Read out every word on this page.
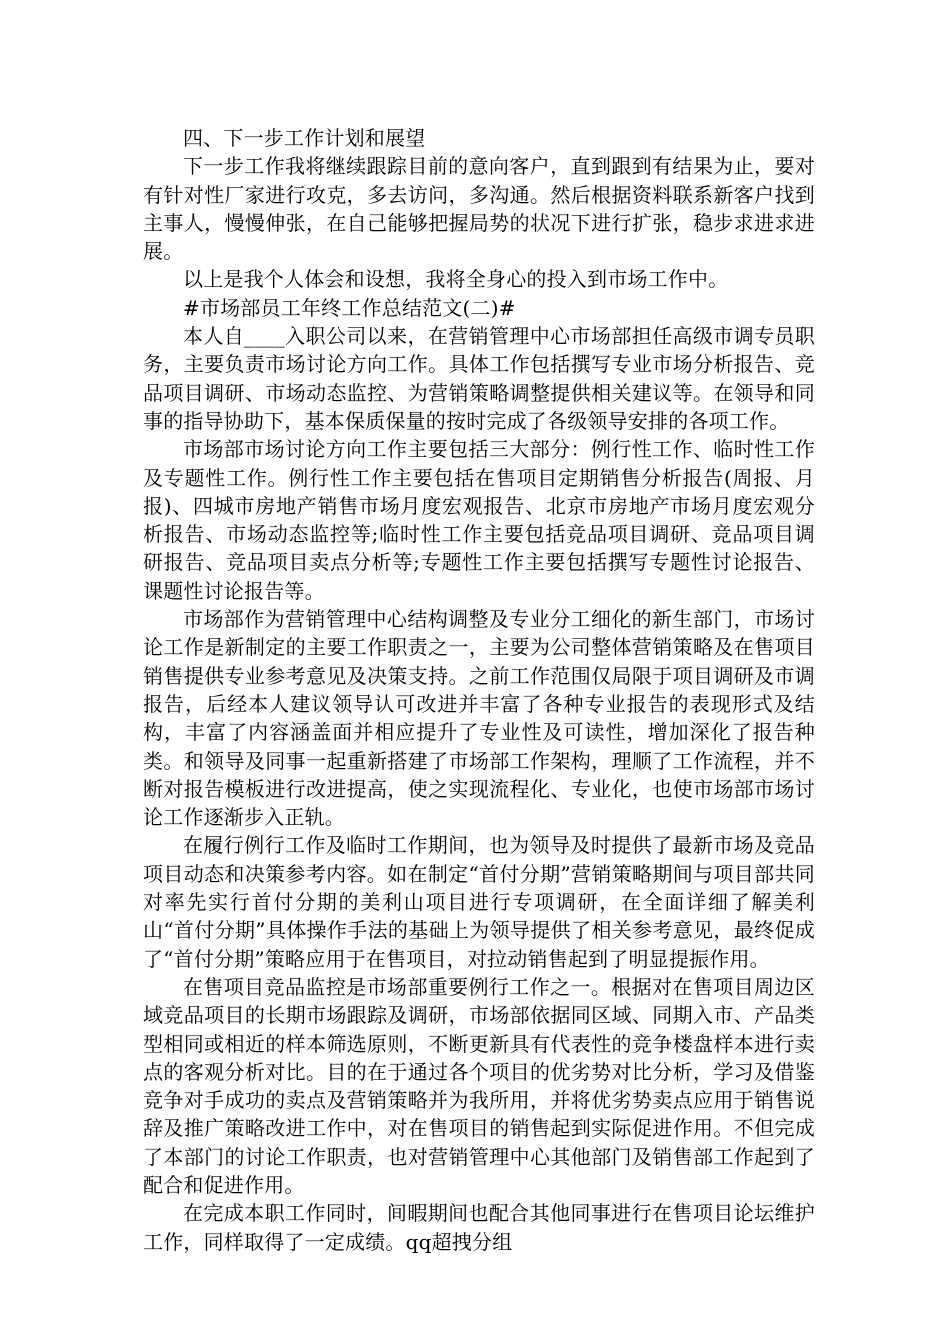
四、下一步工作计划和展望

下一步工作我将继续跟踪目前的意向客户，直到跟到有结果为止，要对有针对性厂家进行攻克，多去访问，多沟通。然后根据资料联系新客户找到主事人，慢慢伸张，在自己能够把握局势的状况下进行扩张，稳步求进求进展。

以上是我个人体会和设想，我将全身心的投入到市场工作中。

#市场部员工年终工作总结范文(二)#

本人自____入职公司以来，在营销管理中心市场部担任高级市调专员职务，主要负责市场讨论方向工作。具体工作包括撰写专业市场分析报告、竞品项目调研、市场动态监控、为营销策略调整提供相关建议等。在领导和同事的指导协助下，基本保质保量的按时完成了各级领导安排的各项工作。

市场部市场讨论方向工作主要包括三大部分：例行性工作、临时性工作及专题性工作。例行性工作主要包括在售项目定期销售分析报告(周报、月报)、四城市房地产销售市场月度宏观报告、北京市房地产市场月度宏观分析报告、市场动态监控等;临时性工作主要包括竞品项目调研、竞品项目调研报告、竞品项目卖点分析等;专题性工作主要包括撰写专题性讨论报告、课题性讨论报告等。

市场部作为营销管理中心结构调整及专业分工细化的新生部门，市场讨论工作是新制定的主要工作职责之一，主要为公司整体营销策略及在售项目销售提供专业参考意见及决策支持。之前工作范围仅局限于项目调研及市调报告，后经本人建议领导认可改进并丰富了各种专业报告的表现形式及结构，丰富了内容涵盖面并相应提升了专业性及可读性，增加深化了报告种类。和领导及同事一起重新搭建了市场部工作架构，理顺了工作流程，并不断对报告模板进行改进提高，使之实现流程化、专业化，也使市场部市场讨论工作逐渐步入正轨。

在履行例行工作及临时工作期间，也为领导及时提供了最新市场及竞品项目动态和决策参考内容。如在制定“首付分期”营销策略期间与项目部共同对率先实行首付分期的美利山项目进行专项调研，在全面详细了解美利山“首付分期”具体操作手法的基础上为领导提供了相关参考意见，最终促成了“首付分期”策略应用于在售项目，对拉动销售起到了明显提振作用。

在售项目竞品监控是市场部重要例行工作之一。根据对在售项目周边区域竞品项目的长期市场跟踪及调研，市场部依据同区域、同期入市、产品类型相同或相近的样本筛选原则，不断更新具有代表性的竞争楼盘样本进行卖点的客观分析对比。目的在于通过各个项目的优劣势对比分析，学习及借鉴竞争对手成功的卖点及营销策略并为我所用，并将优劣势卖点应用于销售说辞及推广策略改进工作中，对在售项目的销售起到实际促进作用。不但完成了本部门的讨论工作职责，也对营销管理中心其他部门及销售部工作起到了配合和促进作用。

在完成本职工作同时，间暇期间也配合其他同事进行在售项目论坛维护工作，同样取得了一定成绩。qq超拽分组
